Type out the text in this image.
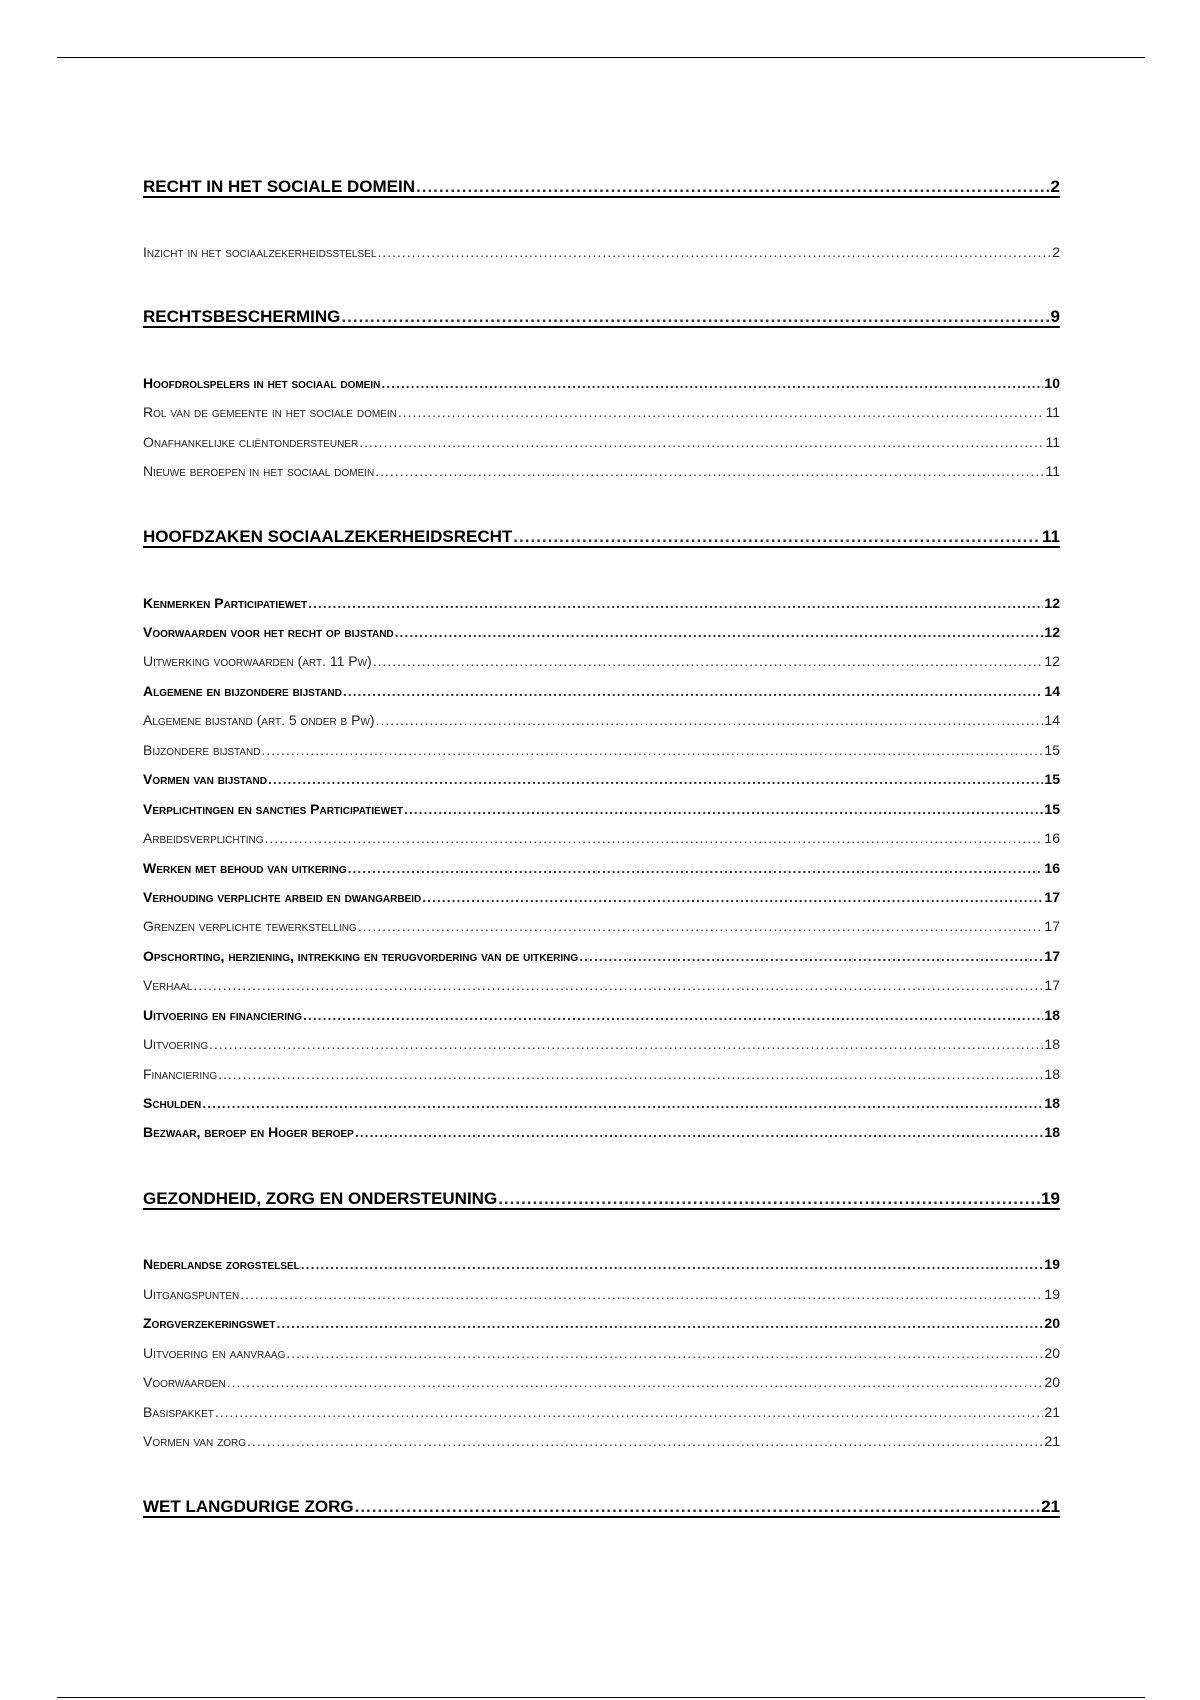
RECHT IN HET SOCIALE DOMEIN .....	2
Inzicht in het sociaalzekerheidsstelsel .....	2
RECHTSBESCHERMING .....	9
Hoofdrolspelers in het sociaal domein .....	10
Rol van de gemeente in het sociale domein .....	11
Onafhankelijke cliëntondersteuner .....	11
Nieuwe beroepen in het sociaal domein .....	11
HOOFDZAKEN SOCIAALZEKERHEIDSRECHT .....	11
Kenmerken Participatiewet .....	12
Voorwaarden voor het recht op bijstand .....	12
Uitwerking voorwaarden (art. 11 Pw) .....	12
Algemene en bijzondere bijstand .....	14
Algemene bijstand (art. 5 onder b Pw) .....	14
Bijzondere bijstand .....	15
Vormen van bijstand .....	15
Verplichtingen en sancties Participatiewet .....	15
Arbeidsverplichting .....	16
Werken met behoud van uitkering .....	16
Verhouding verplichte arbeid en dwangarbeid .....	17
Grenzen verplichte tewerkstelling .....	17
Opschorting, herziening, intrekking en terugvordering van de uitkering .....	17
Verhaal .....	17
Uitvoering en financiering .....	18
Uitvoering .....	18
Financiering .....	18
Schulden .....	18
Bezwaar, beroep en Hoger beroep .....	18
GEZONDHEID, ZORG EN ONDERSTEUNING .....	19
Nederlandse zorgstelsel .....	19
Uitgangspunten .....	19
Zorgverzekeringswet .....	20
Uitvoering en aanvraag .....	20
Voorwaarden .....	20
Basispakket .....	21
Vormen van zorg .....	21
WET LANGDURIGE ZORG .....	21
